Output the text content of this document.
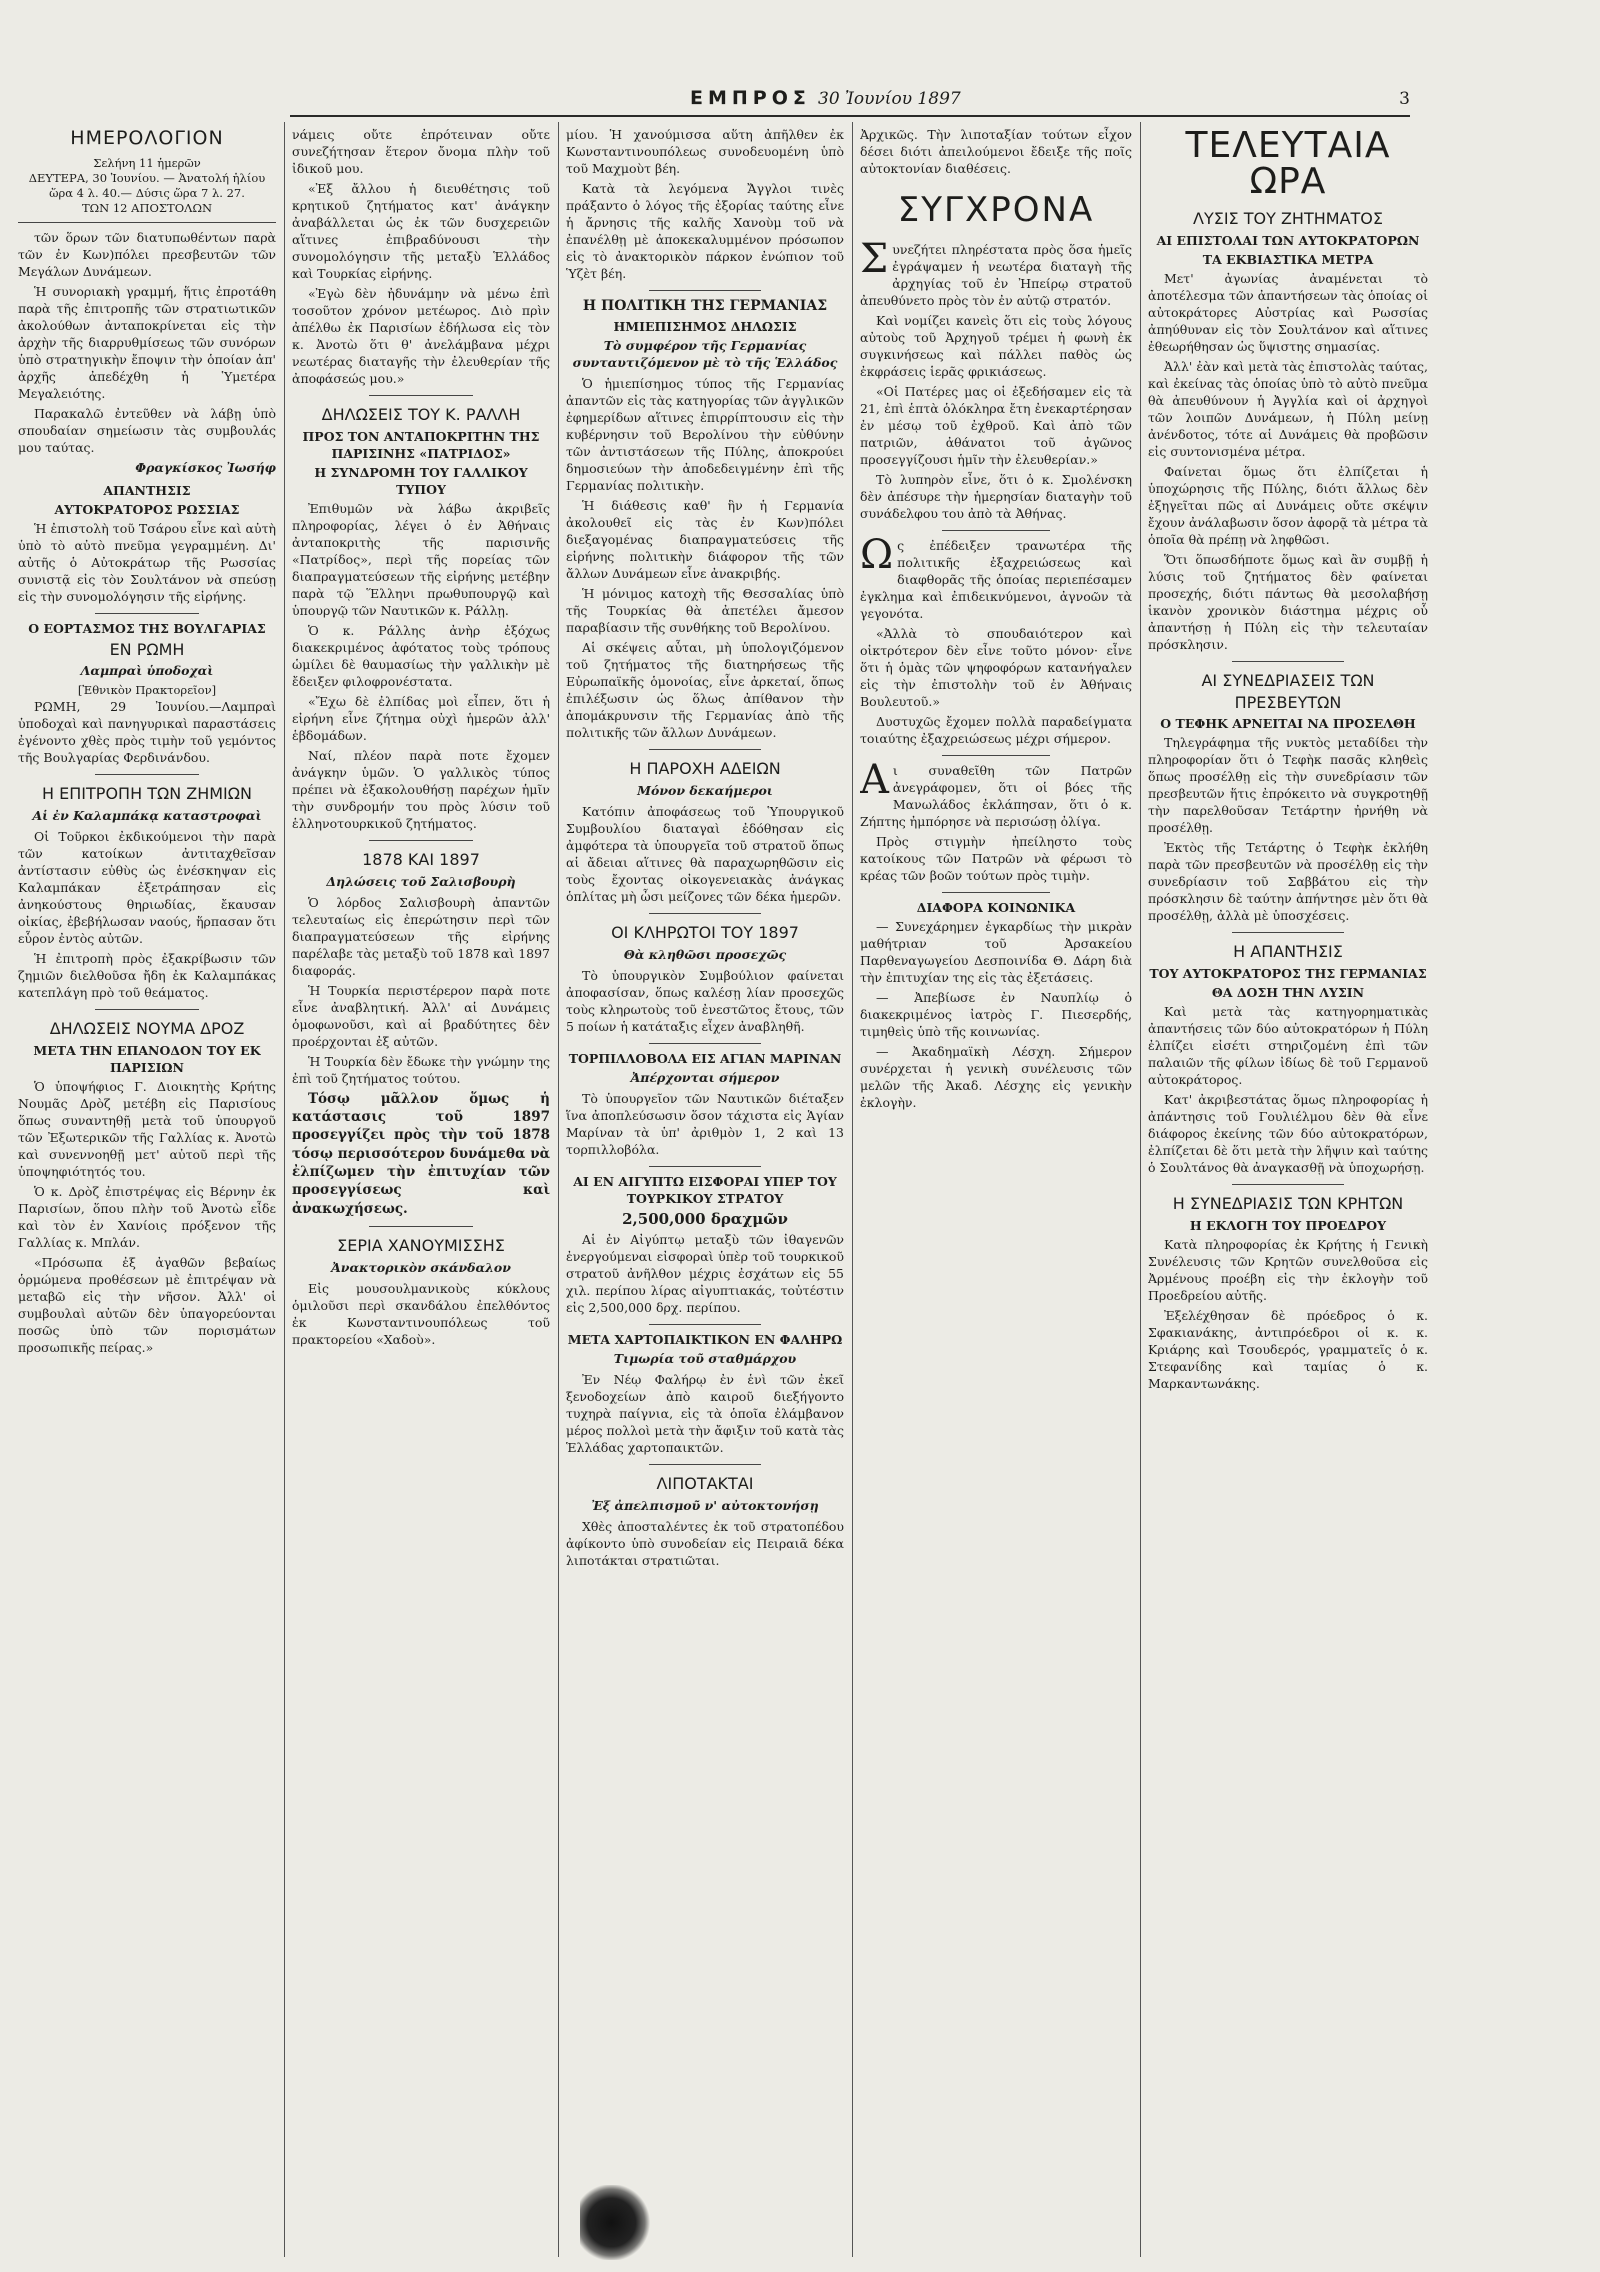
ΕΜΠΡΟΣ 30 Ἰουνίου 1897	3
ΗΜΕΡΟΛΟΓΙΟΝ
Σελήνη 11 ἡμερῶν
ΔΕΥΤΕΡΑ, 30 Ἰουνίου. — Ἀνατολή ἡλίου ὥρα 4 λ. 40.— Δύσις ὥρα 7 λ. 27.
ΤΩΝ 12 ΑΠΟΣΤΟΛΩΝ

τῶν ὅρων τῶν διατυπωθέντων παρὰ τῶν ἐν Κων)πόλει πρεσβευτῶν τῶν Μεγάλων Δυνάμεων.

Ἡ συνοριακὴ γραμμή, ἥτις ἐπροτάθη παρὰ τῆς ἐπιτροπῆς τῶν στρατιωτικῶν ἀκολούθων ἀνταποκρίνεται εἰς τὴν ἀρχὴν τῆς διαρρυθμίσεως τῶν συνόρων ὑπὸ στρατηγικὴν ἔποψιν τὴν ὁποίαν ἀπ' ἀρχῆς ἀπεδέχθη ἡ Ὑμετέρα Μεγαλειότης.

Παρακαλῶ ἐντεῦθεν νὰ λάβῃ ὑπὸ σπουδαίαν σημείωσιν τὰς συμβουλάς μου ταύτας.

Φραγκίσκος Ἰωσήφ
ΑΠΑΝΤΗΣΙΣ
ΑΥΤΟΚΡΑΤΟΡΟΣ ΡΩΣΣΙΑΣ

Ἡ ἐπιστολὴ τοῦ Τσάρου εἶνε καὶ αὐτὴ ὑπὸ τὸ αὐτὸ πνεῦμα γεγραμμένη. Δι' αὐτῆς ὁ Αὐτοκράτωρ τῆς Ρωσσίας συνιστᾷ εἰς τὸν Σουλτάνον νὰ σπεύσῃ εἰς τὴν συνομολόγησιν τῆς εἰρήνης.

Ο ΕΟΡΤΑΣΜΟΣ ΤΗΣ ΒΟΥΛΓΑΡΙΑΣ
ΕΝ ΡΩΜΗ
Λαμπραὶ ὑποδοχαὶ
[Ἐθνικὸν Πρακτορεῖον]

ΡΩΜΗ, 29 Ἰουνίου.—Λαμπραὶ ὑποδοχαὶ καὶ πανηγυρικαὶ παραστάσεις ἐγένοντο χθὲς πρὸς τιμὴν τοῦ γεμόντος τῆς Βουλγαρίας Φερδινάνδου.

Η ΕΠΙΤΡΟΠΗ ΤΩΝ ΖΗΜΙΩΝ
Αἱ ἐν Καλαμπάκᾳ καταστροφαὶ

Οἱ Τοῦρκοι ἐκδικούμενοι τὴν παρὰ τῶν κατοίκων ἀντιταχθεῖσαν ἀντίστασιν εὐθὺς ὡς ἐνέσκηψαν εἰς Καλαμπάκαν ἐξετράπησαν εἰς ἀνηκούστους θηριωδίας, ἔκαυσαν οἰκίας, ἐβεβήλωσαν ναούς, ἥρπασαν ὅτι εὗρον ἐντὸς αὐτῶν.

Ἡ ἐπιτροπὴ πρὸς ἐξακρίβωσιν τῶν ζημιῶν διελθοῦσα ἤδη ἐκ Καλαμπάκας κατεπλάγη πρὸ τοῦ θεάματος.

ΔΗΛΩΣΕΙΣ ΝΟΥΜΑ ΔΡΟΖ
ΜΕΤΑ ΤΗΝ ΕΠΑΝΟΔΟΝ ΤΟΥ ΕΚ ΠΑΡΙΣΙΩΝ

Ὁ ὑποψήφιος Γ. Διοικητὴς Κρήτης Νουμᾶς Δρὸζ μετέβη εἰς Παρισίους ὅπως συναντηθῇ μετὰ τοῦ ὑπουργοῦ τῶν Ἐξωτερικῶν τῆς Γαλλίας κ. Ἀνοτὼ καὶ συνεννοηθῇ μετ' αὐτοῦ περὶ τῆς ὑποψηφιότητός του.

Ὁ κ. Δρὸζ ἐπιστρέψας εἰς Βέρνην ἐκ Παρισίων, ὅπου πλὴν τοῦ Ἀνοτὼ εἶδε καὶ τὸν ἐν Χανίοις πρόξενον τῆς Γαλλίας κ. Μπλάν.

«Πρόσωπα ἐξ ἀγαθῶν βεβαίως ὁρμώμενα προθέσεων μὲ ἐπιτρέψαν νὰ μεταβῶ εἰς τὴν νῆσον. Ἀλλ' οἱ συμβουλαὶ αὐτῶν δὲν ὑπαγορεύονται ποσῶς ὑπὸ τῶν πορισμάτων προσωπικῆς πείρας.»

νάμεις οὔτε ἐπρότειναν οὔτε συνεζήτησαν ἕτερον ὄνομα πλὴν τοῦ ἰδικοῦ μου.

«Ἐξ ἄλλου ἡ διευθέτησις τοῦ κρητικοῦ ζητήματος κατ' ἀνάγκην ἀναβάλλεται ὡς ἐκ τῶν δυσχερειῶν αἵτινες ἐπιβραδύνουσι τὴν συνομολόγησιν τῆς μεταξὺ Ἑλλάδος καὶ Τουρκίας εἰρήνης.

«Ἐγὼ δὲν ἠδυνάμην νὰ μένω ἐπὶ τοσοῦτον χρόνον μετέωρος. Διὸ πρὶν ἀπέλθω ἐκ Παρισίων ἐδήλωσα εἰς τὸν κ. Ἀνοτὼ ὅτι θ' ἀνελάμβανα μέχρι νεωτέρας διαταγῆς τὴν ἐλευθερίαν τῆς ἀποφάσεώς μου.»

ΔΗΛΩΣΕΙΣ ΤΟΥ Κ. ΡΑΛΛΗ
ΠΡΟΣ ΤΟΝ ΑΝΤΑΠΟΚΡΙΤΗΝ ΤΗΣ ΠΑΡΙΣΙΝΗΣ «ΠΑΤΡΙΔΟΣ»
Η ΣΥΝΔΡΟΜΗ ΤΟΥ ΓΑΛΛΙΚΟΥ ΤΥΠΟΥ

Ἐπιθυμῶν νὰ λάβω ἀκριβεῖς πληροφορίας, λέγει ὁ ἐν Ἀθήναις ἀνταποκριτὴς τῆς παρισινῆς «Πατρίδος», περὶ τῆς πορείας τῶν διαπραγματεύσεων τῆς εἰρήνης μετέβην παρὰ τῷ Ἕλληνι πρωθυπουργῷ καὶ ὑπουργῷ τῶν Ναυτικῶν κ. Ράλλῃ.

Ὁ κ. Ράλλης ἀνὴρ ἐξόχως διακεκριμένος ἀφότατος τοὺς τρόπους ὡμίλει δὲ θαυμασίως τὴν γαλλικὴν μὲ ἔδειξεν φιλοφρονέστατα.

«Ἔχω δὲ ἐλπίδας μοὶ εἶπεν, ὅτι ἡ εἰρήνη εἶνε ζήτημα οὐχὶ ἡμερῶν ἀλλ' ἑβδομάδων.

Ναί, πλέον παρὰ ποτε ἔχομεν ἀνάγκην ὑμῶν. Ὁ γαλλικὸς τύπος πρέπει νὰ ἐξακολουθήσῃ παρέχων ἡμῖν τὴν συνδρομήν του πρὸς λύσιν τοῦ ἑλληνοτουρκικοῦ ζητήματος.

1878 ΚΑΙ 1897
Δηλώσεις τοῦ Σαλισβουρὴ

Ὁ λόρδος Σαλισβουρὴ ἀπαντῶν τελευταίως εἰς ἐπερώτησιν περὶ τῶν διαπραγματεύσεων τῆς εἰρήνης παρέλαβε τὰς μεταξὺ τοῦ 1878 καὶ 1897 διαφοράς.

Ἡ Τουρκία περιστέρερον παρὰ ποτε εἶνε ἀναβλητική. Ἀλλ' αἱ Δυνάμεις ὁμοφωνοῦσι, καὶ αἱ βραδύτητες δὲν προέρχονται ἐξ αὐτῶν.

Ἡ Τουρκία δὲν ἔδωκε τὴν γνώμην της ἐπὶ τοῦ ζητήματος τούτου.

Τόσῳ μᾶλλον ὅμως ἡ κατάστασις τοῦ 1897 προσεγγίζει πρὸς τὴν τοῦ 1878 τόσῳ περισσότερον δυνάμεθα νὰ ἐλπίζωμεν τὴν ἐπιτυχίαν τῶν προσεγγίσεως καὶ ἀνακωχήσεως.

ΣΕΡΙΑ ΧΑΝΟΥΜΙΣΣΗΣ
Ἀνακτορικὸν σκάνδαλον

Εἰς μουσουλμανικοὺς κύκλους ὁμιλοῦσι περὶ σκανδάλου ἐπελθόντος ἐκ Κωνσταντινουπόλεως τοῦ πρακτορείου «Χαδοὺ».

μίου. Ἡ χανούμισσα αὕτη ἀπῆλθεν ἐκ Κωνσταντινουπόλεως συνοδευομένη ὑπὸ τοῦ Μαχμοὺτ βέη.

Κατὰ τὰ λεγόμενα Ἄγγλοι τινὲς πράξαντο ὁ λόγος τῆς ἐξορίας ταύτης εἶνε ἡ ἄρνησις τῆς καλῆς Χανοὺμ τοῦ νὰ ἐπανέλθῃ μὲ ἀποκεκαλυμμένον πρόσωπον εἰς τὸ ἀνακτορικὸν πάρκον ἐνώπιον τοῦ Ὑζὲτ βέη.

Η ΠΟΛΙΤΙΚΗ ΤΗΣ ΓΕΡΜΑΝΙΑΣ
ΗΜΙΕΠΙΣΗΜΟΣ ΔΗΛΩΣΙΣ
Τὸ συμφέρον τῆς Γερμανίας συνταυτιζόμενον μὲ τὸ τῆς Ἑλλάδος

Ὁ ἡμιεπίσημος τύπος τῆς Γερμανίας ἀπαντῶν εἰς τὰς κατηγορίας τῶν ἀγγλικῶν ἐφημερίδων αἵτινες ἐπιρρίπτουσιν εἰς τὴν κυβέρνησιν τοῦ Βερολίνου τὴν εὐθύνην τῶν ἀντιστάσεων τῆς Πύλης, ἀποκρούει δημοσιεύων τὴν ἀποδεδειγμένην ἐπὶ τῆς Γερμανίας πολιτικὴν.

Ἡ διάθεσις καθ' ἣν ἡ Γερμανία ἀκολουθεῖ εἰς τὰς ἐν Κων)πόλει διεξαγομένας διαπραγματεύσεις τῆς εἰρήνης πολιτικὴν διάφορον τῆς τῶν ἄλλων Δυνάμεων εἶνε ἀνακριβής.

Ἡ μόνιμος κατοχὴ τῆς Θεσσαλίας ὑπὸ τῆς Τουρκίας θὰ ἀπετέλει ἄμεσον παραβίασιν τῆς συνθήκης τοῦ Βερολίνου.

Αἱ σκέψεις αὗται, μὴ ὑπολογιζόμενον τοῦ ζητήματος τῆς διατηρήσεως τῆς Εὐρωπαϊκῆς ὁμονοίας, εἶνε ἀρκεταί, ὅπως ἐπιλέξωσιν ὡς ὅλως ἀπίθανον τὴν ἀπομάκρυνσιν τῆς Γερμανίας ἀπὸ τῆς πολιτικῆς τῶν ἄλλων Δυνάμεων.

Η ΠΑΡΟΧΗ ΑΔΕΙΩΝ
Μόνον δεκαήμεροι

Κατόπιν ἀποφάσεως τοῦ Ὑπουργικοῦ Συμβουλίου διαταγαὶ ἐδόθησαν εἰς ἀμφότερα τὰ ὑπουργεῖα τοῦ στρατοῦ ὅπως αἱ ἄδειαι αἵτινες θὰ παραχωρηθῶσιν εἰς τοὺς ἔχοντας οἰκογενειακὰς ἀνάγκας ὁπλίτας μὴ ὦσι μείζονες τῶν δέκα ἡμερῶν.

ΟΙ ΚΛΗΡΩΤΟΙ ΤΟΥ 1897
Θὰ κληθῶσι προσεχῶς

Τὸ ὑπουργικὸν Συμβούλιον φαίνεται ἀποφασίσαν, ὅπως καλέσῃ λίαν προσεχῶς τοὺς κληρωτοὺς τοῦ ἐνεστῶτος ἔτους, τῶν 5 ποίων ἡ κατάταξις εἶχεν ἀναβληθῆ.

ΤΟΡΠΙΛΛΟΒΟΛΑ ΕΙΣ ΑΓΙΑΝ ΜΑΡΙΝΑΝ
Ἀπέρχονται σήμερον

Τὸ ὑπουργεῖον τῶν Ναυτικῶν διέταξεν ἵνα ἀποπλεύσωσιν ὅσον τάχιστα εἰς Ἁγίαν Μαρίναν τὰ ὑπ' ἀριθμὸν 1, 2 καὶ 13 τορπιλλοβόλα.

ΑΙ ΕΝ ΑΙΓΥΠΤΩ ΕΙΣΦΟΡΑΙ ΥΠΕΡ ΤΟΥ ΤΟΥΡΚΙΚΟΥ ΣΤΡΑΤΟΥ
2,500,000 δραχμῶν

Αἱ ἐν Αἰγύπτῳ μεταξὺ τῶν ἰθαγενῶν ἐνεργούμεναι εἰσφοραὶ ὑπὲρ τοῦ τουρκικοῦ στρατοῦ ἀνῆλθον μέχρις ἐσχάτων εἰς 55 χιλ. περίπου λίρας αἰγυπτιακάς, τοὐτέστιν εἰς 2,500,000 δρχ. περίπου.

ΜΕΤΑ ΧΑΡΤΟΠΑΙΚΤΙΚΟΝ ΕΝ ΦΑΛΗΡΩ
Τιμωρία τοῦ σταθμάρχου

Ἐν Νέῳ Φαλήρῳ ἐν ἑνὶ τῶν ἐκεῖ ξενοδοχείων ἀπὸ καιροῦ διεξήγοντο τυχηρὰ παίγνια, εἰς τὰ ὁποῖα ἐλάμβανον μέρος πολλοὶ μετὰ τὴν ἄφιξιν τοῦ κατὰ τὰς Ἑλλάδας χαρτοπαικτῶν.

ΛΙΠΟΤΑΚΤΑΙ
Ἐξ ἀπελπισμοῦ ν' αὐτοκτονήσῃ

Χθὲς ἀποσταλέντες ἐκ τοῦ στρατοπέδου ἀφίκοντο ὑπὸ συνοδείαν εἰς Πειραιᾶ δέκα λιποτάκται στρατιῶται.

Ἀρχικῶς. Τὴν λιποταξίαν τούτων εἶχον δέσει διότι ἀπειλούμενοι ἔδειξε τῆς ποῖς αὐτοκτονίαν διαθέσεις.

ΣΥΓΧΡΟΝΑ

Συνεζήτει πληρέστατα πρὸς ὅσα ἡμεῖς ἐγράψαμεν ἡ νεωτέρα διαταγὴ τῆς ἀρχηγίας τοῦ ἐν Ἠπείρῳ στρατοῦ ἀπευθύνετο πρὸς τὸν ἐν αὐτῷ στρατόν.

Καὶ νομίζει κανεὶς ὅτι εἰς τοὺς λόγους αὐτοὺς τοῦ Ἀρχηγοῦ τρέμει ἡ φωνὴ ἐκ συγκινήσεως καὶ πάλλει παθὸς ὡς ἐκφράσεις ἱερᾶς φρικιάσεως.

«Οἱ Πατέρες μας οἱ ἐξεδήσαμεν εἰς τὰ 21, ἐπὶ ἑπτὰ ὁλόκληρα ἔτη ἐνεκαρτέρησαν ἐν μέσῳ τοῦ ἐχθροῦ. Καὶ ἀπὸ τῶν πατριῶν, ἀθάνατοι τοῦ ἀγῶνος προσεγγίζουσι ἡμῖν τὴν ἐλευθερίαν.»

Τὸ λυπηρὸν εἶνε, ὅτι ὁ κ. Σμολένσκη δὲν ἀπέσυρε τὴν ἡμερησίαν διαταγὴν τοῦ συνάδελφου του ἀπὸ τὰ Ἀθήνας.

Ως ἐπέδειξεν τρανωτέρα τῆς πολιτικῆς ἐξαχρειώσεως καὶ διαφθορᾶς τῆς ὁποίας περιεπέσαμεν ἐγκλημα καὶ ἐπιδεικνύμενοι, ἀγνοῶν τὰ γεγονότα.

«Ἀλλὰ τὸ σπουδαιότερον καὶ οἰκτρότερον δὲν εἶνε τοῦτο μόνον· εἶνε ὅτι ἡ ὁμὰς τῶν ψηφοφόρων κατανήγαλεν εἰς τὴν ἐπιστολὴν τοῦ ἐν Ἀθήναις Βουλευτοῦ.»

Δυστυχῶς ἔχομεν πολλὰ παραδείγματα τοιαύτης ἐξαχρειώσεως μέχρι σήμερον.

Αι συναθεῖθη τῶν Πατρῶν ἀνεγράφομεν, ὅτι οἱ βόες τῆς Μανωλάδος ἐκλάπησαν, ὅτι ὁ κ. Ζήπτης ἠμπόρησε νὰ περισώσῃ ὀλίγα.

Πρὸς στιγμὴν ἠπείληστο τοὺς κατοίκους τῶν Πατρῶν νὰ φέρωσι τὸ κρέας τῶν βοῶν τούτων πρὸς τιμὴν.

ΔΙΑΦΟΡΑ ΚΟΙΝΩΝΙΚΑ

— Συνεχάρημεν ἐγκαρδίως τὴν μικρὰν μαθήτριαν τοῦ Ἀρσακείου Παρθεναγωγείου Δεσποινίδα Θ. Δάρη διὰ τὴν ἐπιτυχίαν της εἰς τὰς ἐξετάσεις.

— Ἀπεβίωσε ἐν Ναυπλίῳ ὁ διακεκριμένος ἰατρὸς Γ. Πιεσερδής, τιμηθεὶς ὑπὸ τῆς κοινωνίας.

— Ἀκαδημαϊκὴ Λέσχη. Σήμερον συνέρχεται ἡ γενικὴ συνέλευσις τῶν μελῶν τῆς Ἀκαδ. Λέσχης εἰς γενικὴν ἐκλογὴν.

ΤΕΛΕΥΤΑΙΑ ΩΡΑ
ΛΥΣΙΣ ΤΟΥ ΖΗΤΗΜΑΤΟΣ
ΑΙ ΕΠΙΣΤΟΛΑΙ ΤΩΝ ΑΥΤΟΚΡΑΤΟΡΩΝ
ΤΑ ΕΚΒΙΑΣΤΙΚΑ ΜΕΤΡΑ

Μετ' ἀγωνίας ἀναμένεται τὸ ἀποτέλεσμα τῶν ἀπαντήσεων τὰς ὁποίας οἱ αὐτοκράτορες Αὐστρίας καὶ Ρωσσίας ἀπηύθυναν εἰς τὸν Σουλτάνον καὶ αἵτινες ἐθεωρήθησαν ὡς ὕψιστης σημασίας.

Ἀλλ' ἐὰν καὶ μετὰ τὰς ἐπιστολὰς ταύτας, καὶ ἐκείνας τὰς ὁποίας ὑπὸ τὸ αὐτὸ πνεῦμα θὰ ἀπευθύνουν ἡ Ἀγγλία καὶ οἱ ἀρχηγοὶ τῶν λοιπῶν Δυνάμεων, ἡ Πύλη μείνῃ ἀνένδοτος, τότε αἱ Δυνάμεις θὰ προβῶσιν εἰς συντονισμένα μέτρα.

Φαίνεται ὅμως ὅτι ἐλπίζεται ἡ ὑποχώρησις τῆς Πύλης, διότι ἄλλως δὲν ἐξηγεῖται πῶς αἱ Δυνάμεις οὔτε σκέψιν ἔχουν ἀνάλαβωσιν ὅσον ἀφορᾷ τὰ μέτρα τὰ ὁποῖα θὰ πρέπῃ νὰ ληφθῶσι.

Ὅτι ὅπωσδήποτε ὅμως καὶ ἂν συμβῇ ἡ λύσις τοῦ ζητήματος δὲν φαίνεται προσεχής, διότι πάντως θὰ μεσολαβήσῃ ἱκανὸν χρονικὸν διάστημα μέχρις οὗ ἀπαντήσῃ ἡ Πύλη εἰς τὴν τελευταίαν πρόσκλησιν.

ΑΙ ΣΥΝΕΔΡΙΑΣΕΙΣ ΤΩΝ ΠΡΕΣΒΕΥΤΩΝ
Ο ΤΕΦΗΚ ΑΡΝΕΙΤΑΙ ΝΑ ΠΡΟΣΕΛΘΗ

Τηλεγράφημα τῆς νυκτὸς μεταδίδει τὴν πληροφορίαν ὅτι ὁ Τεφὴκ πασᾶς κληθεὶς ὅπως προσέλθῃ εἰς τὴν συνεδρίασιν τῶν πρεσβευτῶν ἥτις ἐπρόκειτο νὰ συγκροτηθῇ τὴν παρελθοῦσαν Τετάρτην ἠρνήθη νὰ προσέλθῃ.

Ἐκτὸς τῆς Τετάρτης ὁ Τεφὴκ ἐκλήθη παρὰ τῶν πρεσβευτῶν νὰ προσέλθῃ εἰς τὴν συνεδρίασιν τοῦ Σαββάτου εἰς τὴν πρόσκλησιν δὲ ταύτην ἀπήντησε μὲν ὅτι θὰ προσέλθῃ, ἀλλὰ μὲ ὑποσχέσεις.

Η ΑΠΑΝΤΗΣΙΣ
ΤΟΥ ΑΥΤΟΚΡΑΤΟΡΟΣ ΤΗΣ ΓΕΡΜΑΝΙΑΣ
ΘΑ ΔΟΣΗ ΤΗΝ ΛΥΣΙΝ

Καὶ μετὰ τὰς κατηγορηματικὰς ἀπαντήσεις τῶν δύο αὐτοκρατόρων ἡ Πύλη ἐλπίζει εἰσέτι στηριζομένη ἐπὶ τῶν παλαιῶν τῆς φίλων ἰδίως δὲ τοῦ Γερμανοῦ αὐτοκράτορος.

Κατ' ἀκριβεστάτας ὅμως πληροφορίας ἡ ἀπάντησις τοῦ Γουλιέλμου δὲν θὰ εἶνε διάφορος ἐκείνης τῶν δύο αὐτοκρατόρων, ἐλπίζεται δὲ ὅτι μετὰ τὴν λῆψιν καὶ ταύτης ὁ Σουλτάνος θὰ ἀναγκασθῇ νὰ ὑποχωρήσῃ.

Η ΣΥΝΕΔΡΙΑΣΙΣ ΤΩΝ ΚΡΗΤΩΝ
Η ΕΚΛΟΓΗ ΤΟΥ ΠΡΟΕΔΡΟΥ

Κατὰ πληροφορίας ἐκ Κρήτης ἡ Γενικὴ Συνέλευσις τῶν Κρητῶν συνελθοῦσα εἰς Ἀρμένους προέβη εἰς τὴν ἐκλογὴν τοῦ Προεδρείου αὐτῆς.

Ἐξελέχθησαν δὲ πρόεδρος ὁ κ. Σφακιανάκης, ἀντιπρόεδροι οἱ κ. κ. Κριάρης καὶ Τσουδερός, γραμματεῖς ὁ κ. Στεφανίδης καὶ ταμίας ὁ κ. Μαρκαντωνάκης.
